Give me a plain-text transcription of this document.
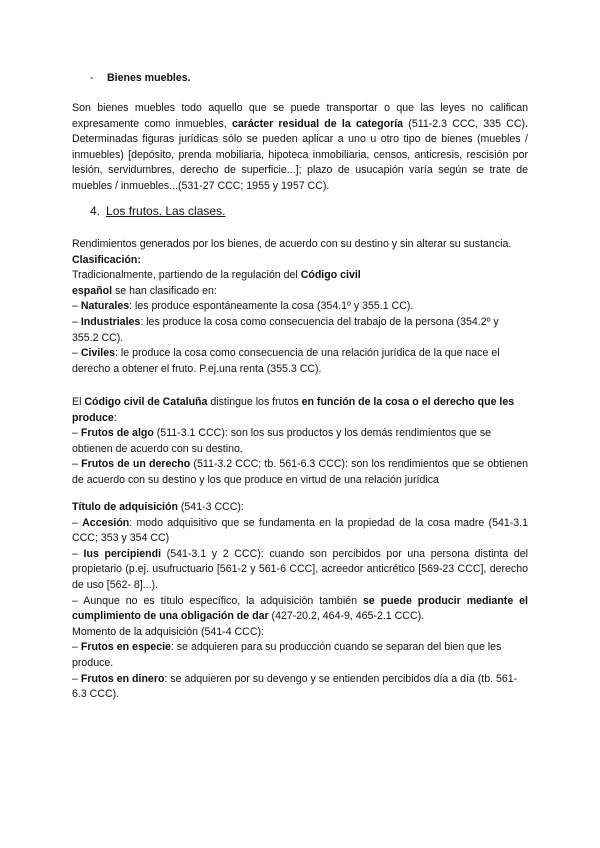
- Bienes muebles.

Son bienes muebles todo aquello que se puede transportar o que las leyes no califican expresamente como inmuebles, carácter residual de la categoría (511-2.3 CCC, 335 CC). Determinadas figuras jurídicas sólo se pueden aplicar a uno u otro tipo de bienes (muebles / inmuebles) [depósito, prenda mobiliaria, hipoteca inmobiliaria, censos, anticresis, rescisión por lesión, servidumbres, derecho de superficie...]; plazo de usucapión varía según se trate de muebles / inmuebles...(531-27 CCC; 1955 y 1957 CC).

4. Los frutos. Las clases.

Rendimientos generados por los bienes, de acuerdo con su destino y sin alterar su sustancia.

Clasificación:

Tradicionalmente, partiendo de la regulación del Código civil

español se han clasificado en:

– Naturales: les produce espontáneamente la cosa (354.1º y 355.1 CC).

– Industriales: les produce la cosa como consecuencia del trabajo de la persona (354.2º y 355.2 CC).

– Civiles: le produce la cosa como consecuencia de una relación jurídica de la que nace el derecho a obtener el fruto. P.ej.una renta (355.3 CC).

El Código civil de Cataluña distingue los frutos en función de la cosa o el derecho que les produce:

– Frutos de algo (511-3.1 CCC): son los sus productos y los demás rendimientos que se obtienen de acuerdo con su destino.

– Frutos de un derecho (511-3.2 CCC; tb. 561-6.3 CCC): son los rendimientos que se obtienen de acuerdo con su destino y los que produce en virtud de una relación jurídica

Título de adquisición (541-3 CCC):

– Accesión: modo adquisitivo que se fundamenta en la propiedad de la cosa madre (541-3.1 CCC; 353 y 354 CC)

– Ius percipiendi (541-3.1 y 2 CCC): cuando son percibidos por una persona distinta del propietario (p.ej. usufructuario [561-2 y 561-6 CCC], acreedor anticrético [569-23 CCC], derecho de uso [562- 8]...).

– Aunque no es título específico, la adquisición también se puede producir mediante el cumplimiento de una obligación de dar (427-20.2, 464-9, 465-2.1 CCC).

Momento de la adquisición (541-4 CCC):

– Frutos en especie: se adquieren para su producción cuando se separan del bien que les produce.

– Frutos en dinero: se adquieren por su devengo y se entienden percibidos día a día (tb. 561-6.3 CCC).
